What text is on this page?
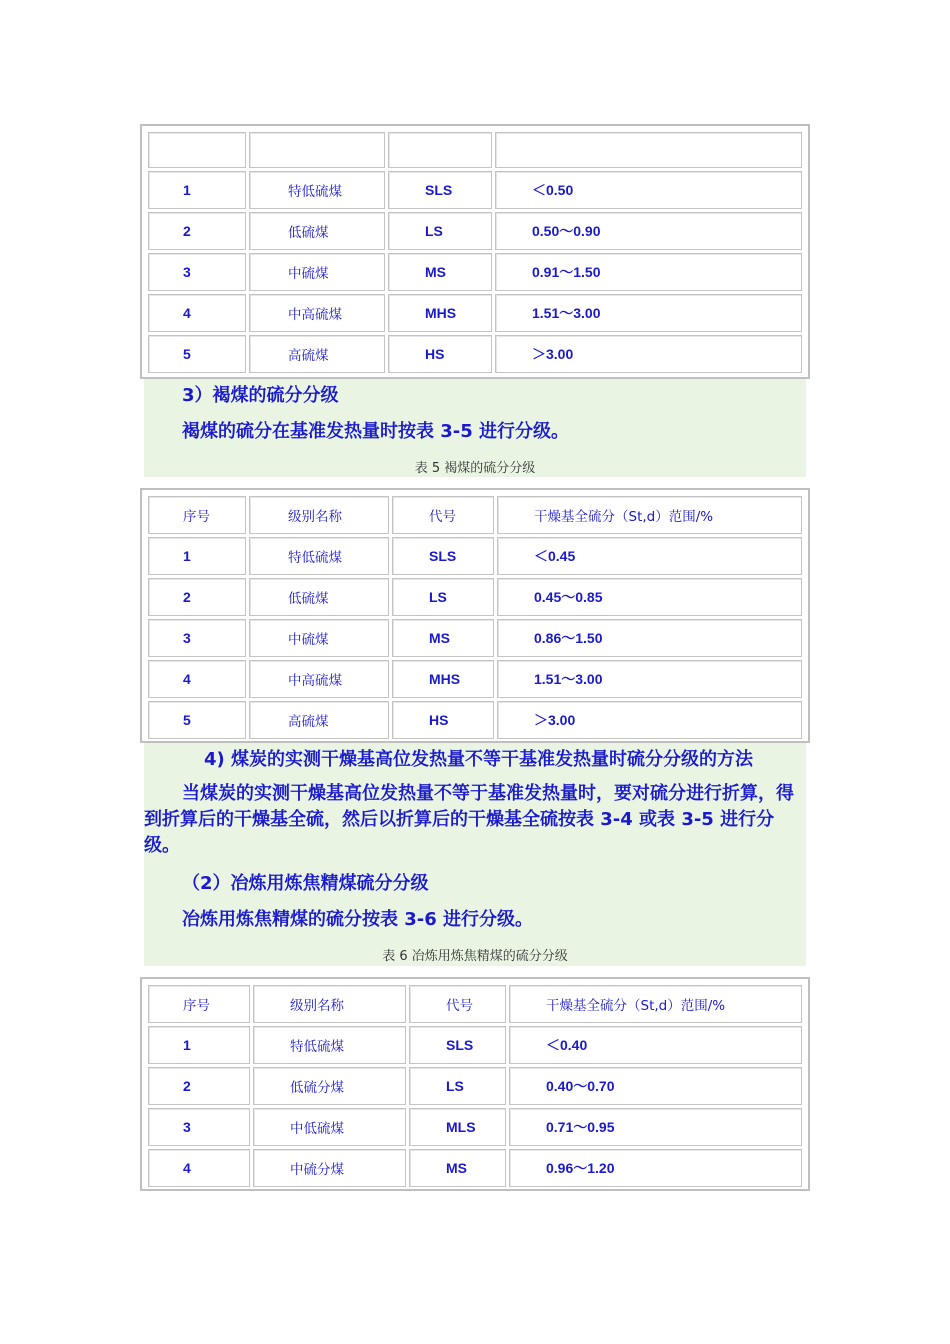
1	特低硫煤	SLS	＜0.50
2	低硫煤	LS	0.50～0.90
3	中硫煤	MS	0.91～1.50
4	中高硫煤	MHS	1.51～3.00
5	高硫煤	HS	＞3.00

3）褐煤的硫分分级

褐煤的硫分在基准发热量时按表 3-5 进行分级。

表 5 褐煤的硫分分级

序号	级别名称	代号	干燥基全硫分（St,d）范围/%
1	特低硫煤	SLS	＜0.45
2	低硫煤	LS	0.45～0.85
3	中硫煤	MS	0.86～1.50
4	中高硫煤	MHS	1.51～3.00
5	高硫煤	HS	＞3.00

4) 煤炭的实测干燥基高位发热量不等干基准发热量时硫分分级的方法

当煤炭的实测干燥基高位发热量不等于基准发热量时，要对硫分进行折算，得到折算后的干燥基全硫，然后以折算后的干燥基全硫按表 3-4 或表 3-5 进行分级。

（2）冶炼用炼焦精煤硫分分级

冶炼用炼焦精煤的硫分按表 3-6 进行分级。

表 6 冶炼用炼焦精煤的硫分分级

序号	级别名称	代号	干燥基全硫分（St,d）范围/%
1	特低硫煤	SLS	＜0.40
2	低硫分煤	LS	0.40～0.70
3	中低硫煤	MLS	0.71～0.95
4	中硫分煤	MS	0.96～1.20
